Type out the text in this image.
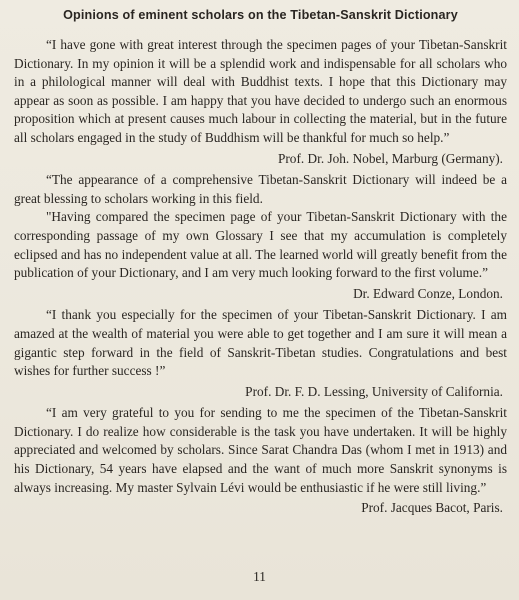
Opinions of eminent scholars on the Tibetan-Sanskrit Dictionary

“I have gone with great interest through the specimen pages of your Tibetan-Sanskrit Dictionary. In my opinion it will be a splendid work and indispensable for all scholars who in a philological manner will deal with Buddhist texts. I hope that this Dictionary may appear as soon as possible. I am happy that you have decided to undergo such an enormous proposition which at present causes much labour in collecting the material, but in the future all scholars engaged in the study of Buddhism will be thankful for much so help.”

Prof. Dr. Joh. Nobel, Marburg (Germany).

“The appearance of a comprehensive Tibetan-Sanskrit Dictionary will indeed be a great blessing to scholars working in this field.

"Having compared the specimen page of your Tibetan-Sanskrit Dictionary with the corresponding passage of my own Glossary I see that my accumulation is completely eclipsed and has no independent value at all. The learned world will greatly benefit from the publication of your Dictionary, and I am very much looking forward to the first volume.”

Dr. Edward Conze, London.

“I thank you especially for the specimen of your Tibetan-Sanskrit Dictionary. I am amazed at the wealth of material you were able to get together and I am sure it will mean a gigantic step forward in the field of Sanskrit-Tibetan studies. Congratulations and best wishes for further success !”

Prof. Dr. F. D. Lessing, University of California.

“I am very grateful to you for sending to me the specimen of the Tibetan-Sanskrit Dictionary. I do realize how considerable is the task you have undertaken. It will be highly appreciated and welcomed by scholars. Since Sarat Chandra Das (whom I met in 1913) and his Dictionary, 54 years have elapsed and the want of much more Sanskrit synonyms is always increasing. My master Sylvain Lévi would be enthusiastic if he were still living.”

Prof. Jacques Bacot, Paris.
11
